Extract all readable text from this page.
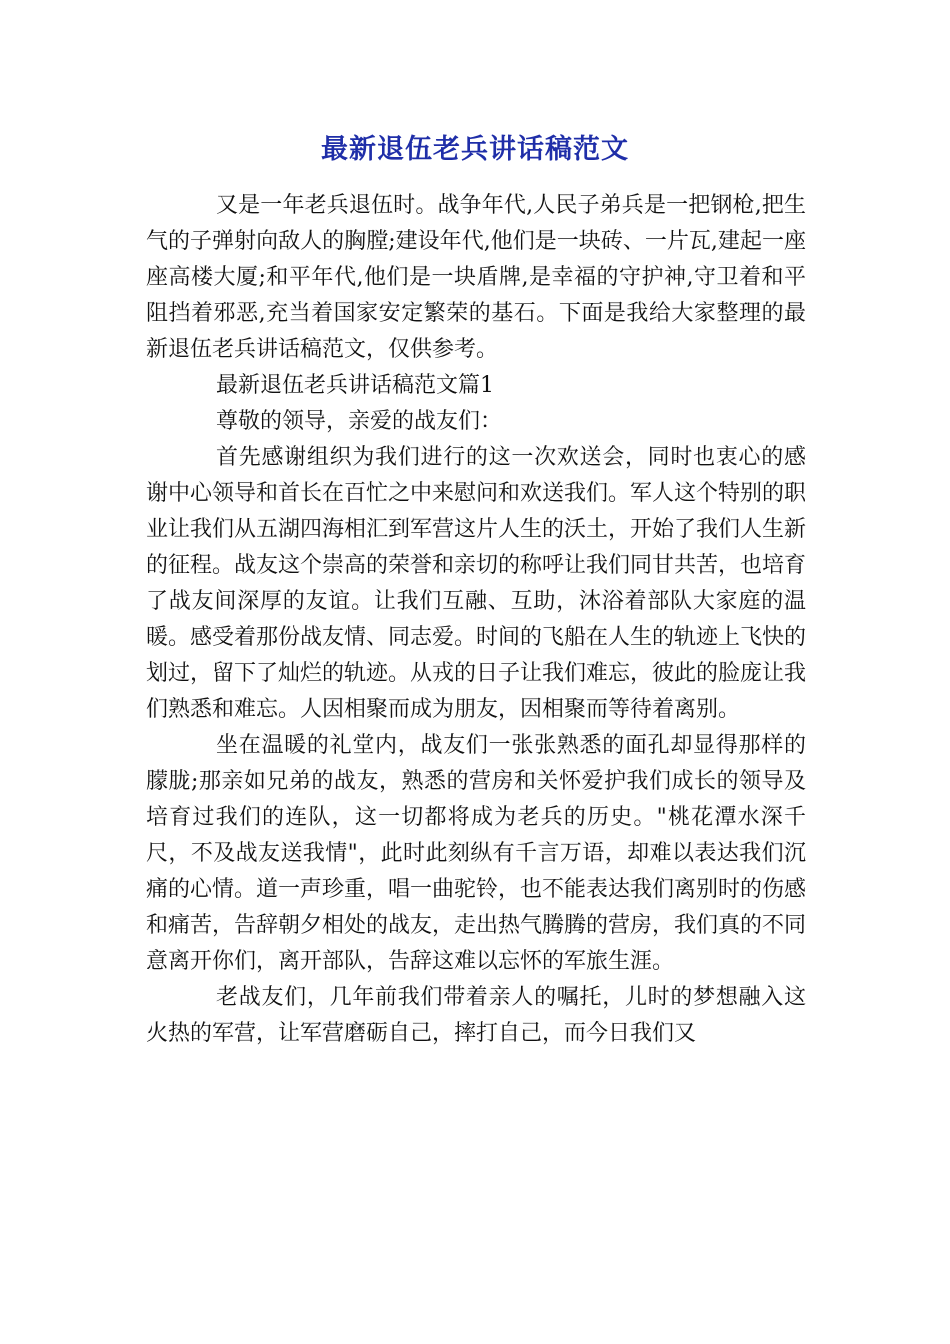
最新退伍老兵讲话稿范文

又是一年老兵退伍时。战争年代,人民子弟兵是一把钢枪,把生气的子弹射向敌人的胸膛;建设年代,他们是一块砖、一片瓦,建起一座座高楼大厦;和平年代,他们是一块盾牌,是幸福的守护神,守卫着和平阻挡着邪恶,充当着国家安定繁荣的基石。下面是我给大家整理的最新退伍老兵讲话稿范文，仅供参考。

最新退伍老兵讲话稿范文篇1

尊敬的领导，亲爱的战友们：

首先感谢组织为我们进行的这一次欢送会，同时也衷心的感谢中心领导和首长在百忙之中来慰问和欢送我们。军人这个特别的职业让我们从五湖四海相汇到军营这片人生的沃土，开始了我们人生新的征程。战友这个崇高的荣誉和亲切的称呼让我们同甘共苦，也培育了战友间深厚的友谊。让我们互融、互助，沐浴着部队大家庭的温暖。感受着那份战友情、同志爱。时间的飞船在人生的轨迹上飞快的划过，留下了灿烂的轨迹。从戎的日子让我们难忘，彼此的脸庞让我们熟悉和难忘。人因相聚而成为朋友，因相聚而等待着离别。

坐在温暖的礼堂内，战友们一张张熟悉的面孔却显得那样的朦胧;那亲如兄弟的战友，熟悉的营房和关怀爱护我们成长的领导及培育过我们的连队，这一切都将成为老兵的历史。"桃花潭水深千尺，不及战友送我情"，此时此刻纵有千言万语，却难以表达我们沉痛的心情。道一声珍重，唱一曲驼铃，也不能表达我们离别时的伤感和痛苦，告辞朝夕相处的战友，走出热气腾腾的营房，我们真的不同意离开你们，离开部队，告辞这难以忘怀的军旅生涯。

老战友们，几年前我们带着亲人的嘱托，儿时的梦想融入这火热的军营，让军营磨砺自己，摔打自己，而今日我们又
